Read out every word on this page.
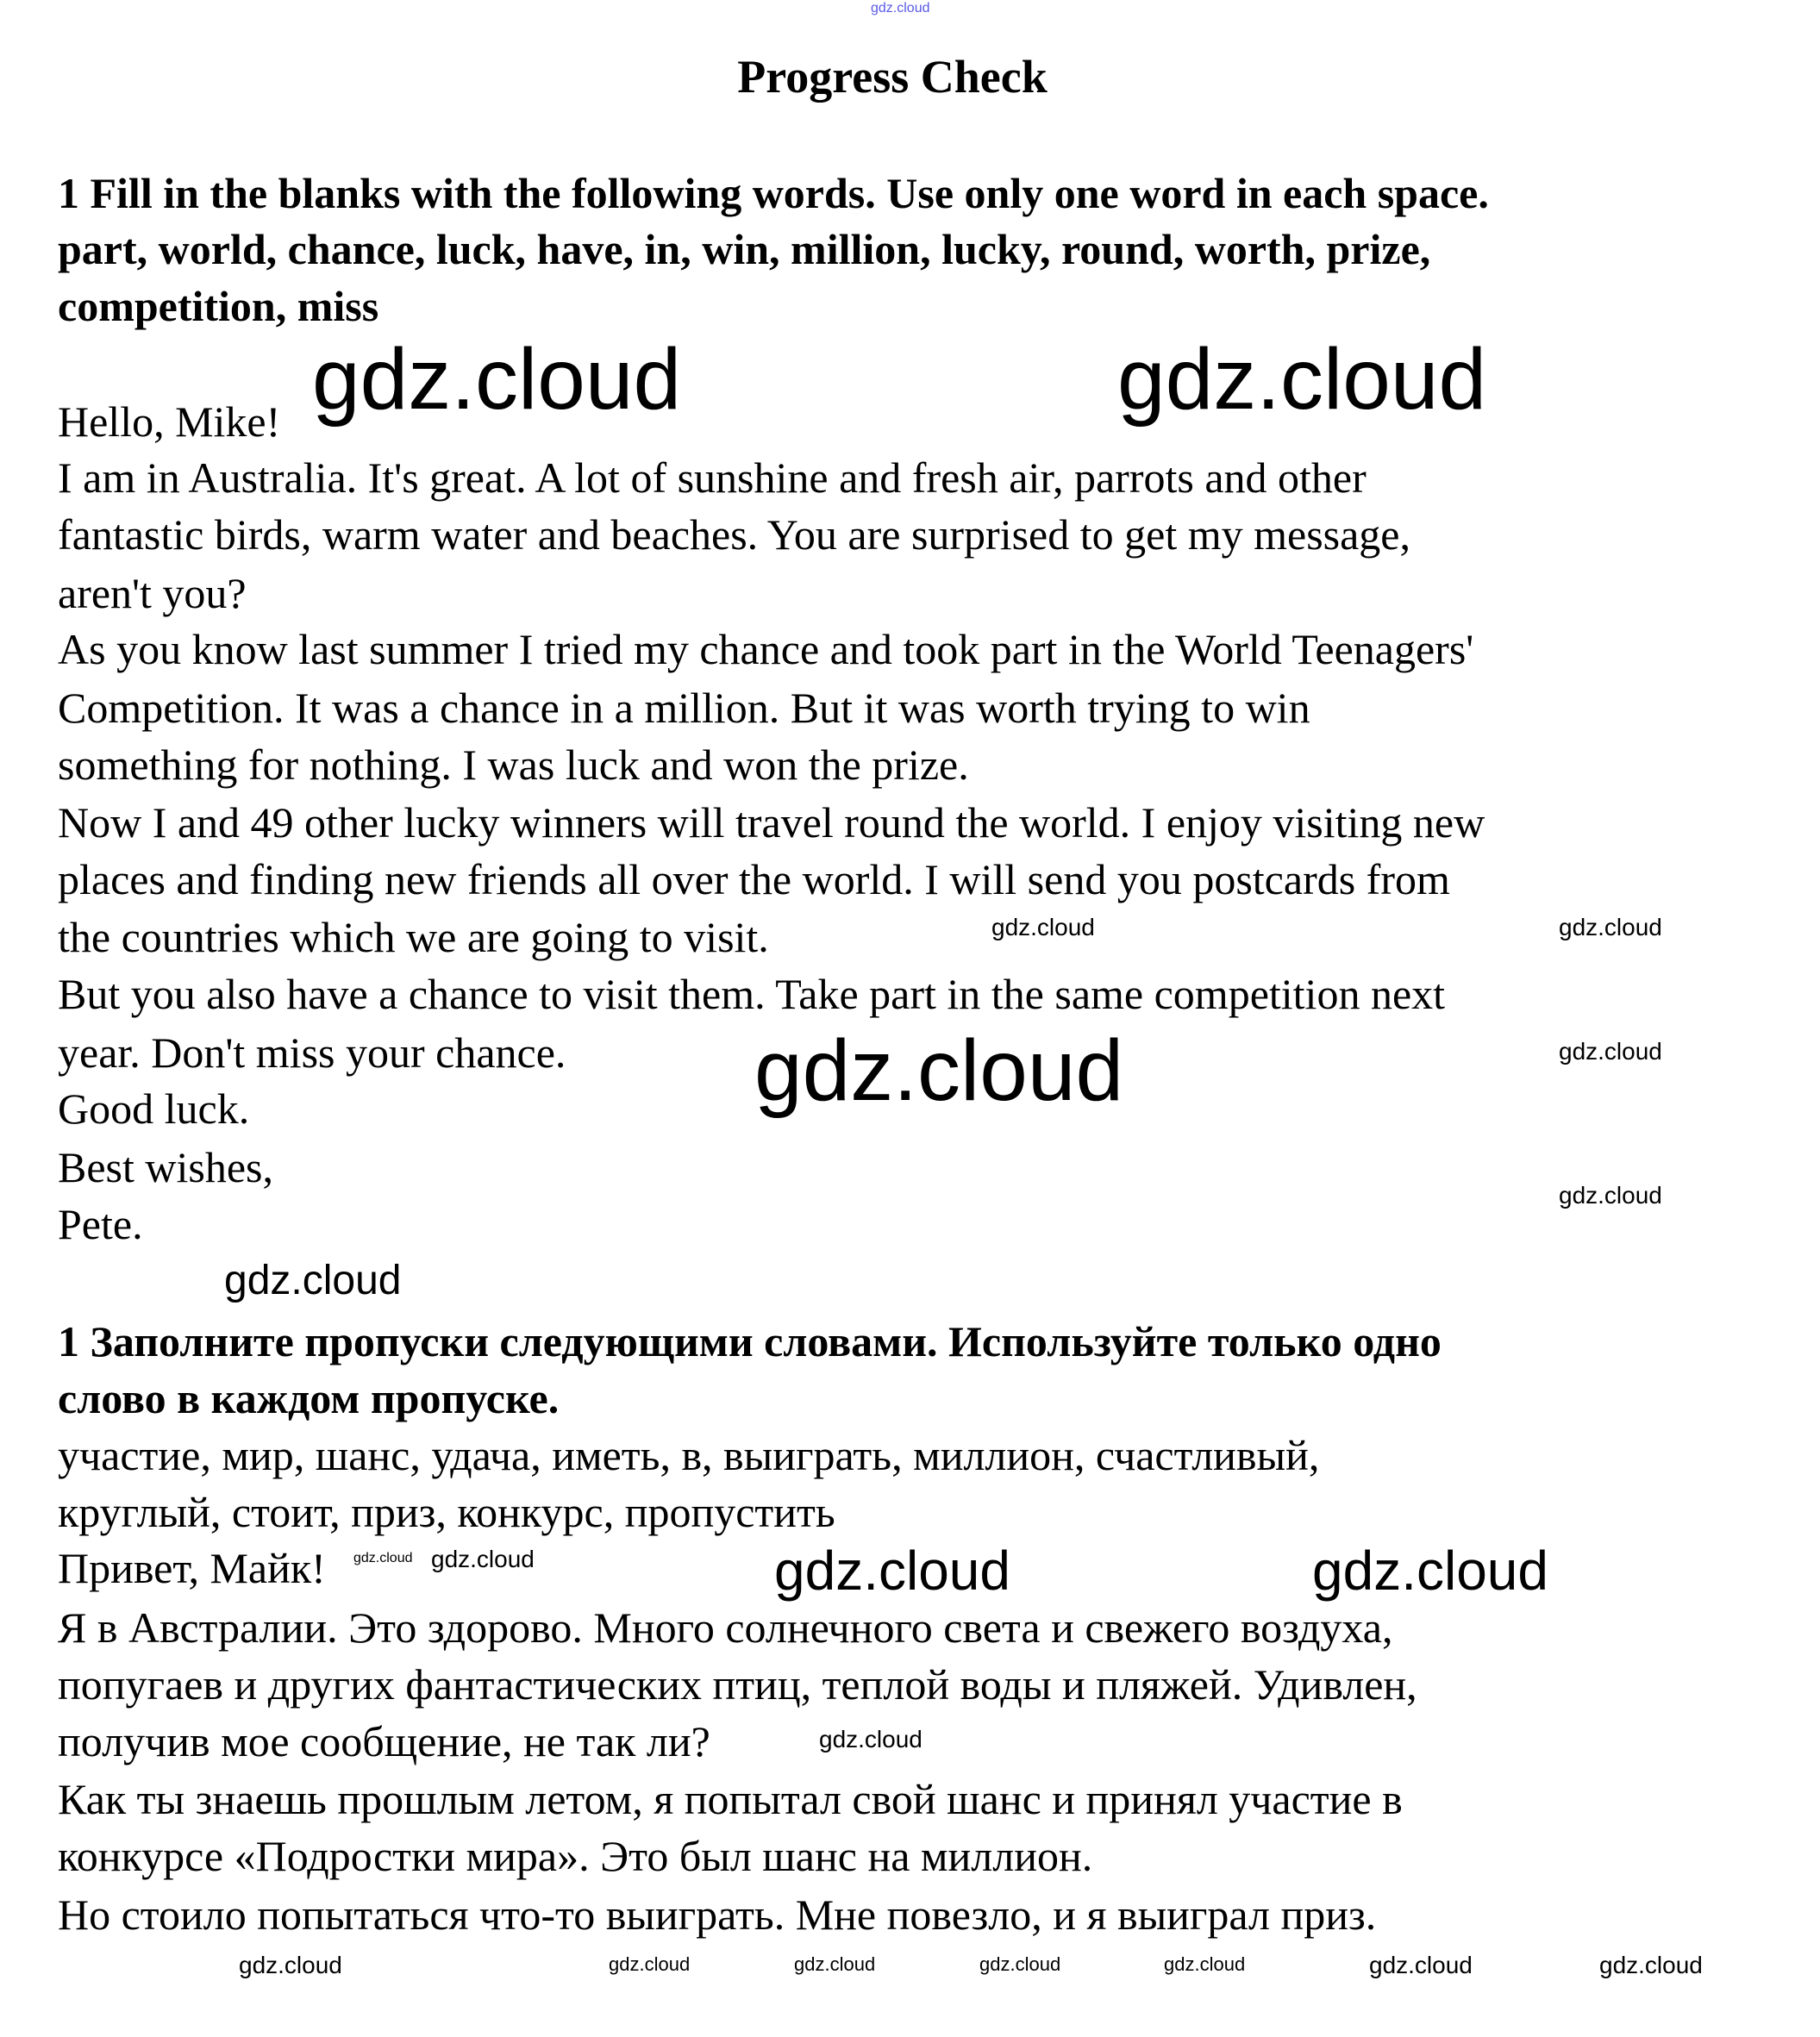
gdz.cloud
Progress Check
1 Fill in the blanks with the following words. Use only one word in each space.
part, world, chance, luck, have, in, win, million, lucky, round, worth, prize,
competition, miss
Hello, Mike!
I am in Australia. It's great. A lot of sunshine and fresh air, parrots and other
fantastic birds, warm water and beaches. You are surprised to get my message,
aren't you?
As you know last summer I tried my chance and took part in the World Teenagers'
Competition. It was a chance in a million. But it was worth trying to win
something for nothing. I was luck and won the prize.
Now I and 49 other lucky winners will travel round the world. I enjoy visiting new
places and finding new friends all over the world. I will send you postcards from
the countries which we are going to visit.
But you also have a chance to visit them. Take part in the same competition next
year. Don't miss your chance.
Good luck.
Best wishes,
Pete.
1 Заполните пропуски следующими словами. Используйте только одно
слово в каждом пропуске.
участие, мир, шанс, удача, иметь, в, выиграть, миллион, счастливый,
круглый, стоит, приз, конкурс, пропустить
Привет, Майк!
Я в Австралии. Это здорово. Много солнечного света и свежего воздуха,
попугаев и других фантастических птиц, теплой воды и пляжей. Удивлен,
получив мое сообщение, не так ли?
Как ты знаешь прошлым летом, я попытал свой шанс и принял участие в
конкурсе «Подростки мира». Это был шанс на миллион.
Но стоило попытаться что-то выиграть. Мне повезло, и я выиграл приз.
gdz.cloud	gdz.cloud
gdz.cloud	gdz.cloud
gdz.cloud	gdz.cloud
gdz.cloud
gdz.cloud
gdz.cloud gdz.cloud	gdz.cloud	gdz.cloud
gdz.cloud
gdz.cloud	gdz.cloud	gdz.cloud	gdz.cloud	gdz.cloud	gdz.cloud	gdz.cloud
